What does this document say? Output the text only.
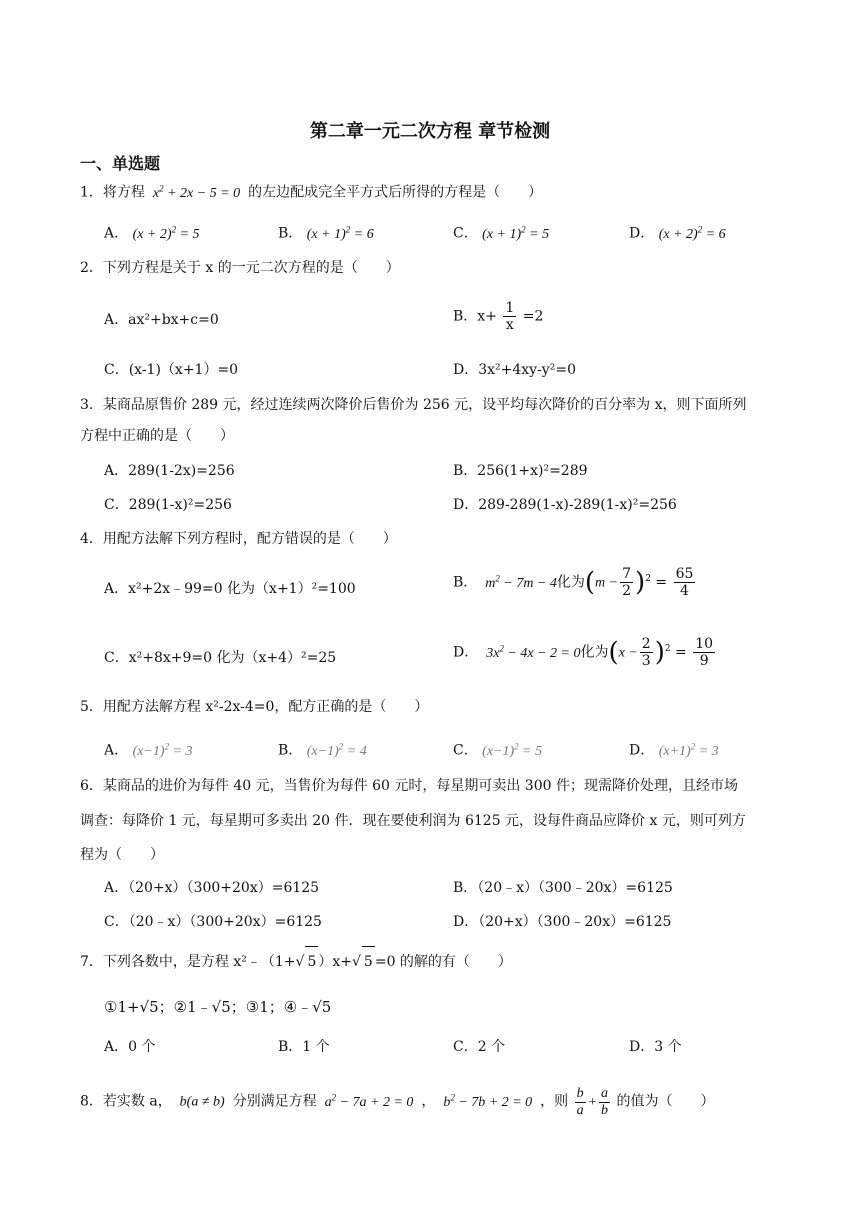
第二章一元二次方程 章节检测
一、单选题
1．将方程  $x^2 + 2x - 5 = 0$  的左边配成完全平方式后所得的方程是（　　）
A． $(x + 2)^2 = 5$	B． $(x + 1)^2 = 6$	C． $(x + 1)^2 = 5$	D． $(x + 2)^2 = 6$
2．下列方程是关于 x 的一元二次方程的是（　　）
A．ax²+bx+c=0	B．$x+ \frac{1}{x} =2$
C．(x-1)（x+1）=0	D．3x²+4xy-y²=0
3．某商品原售价 289 元，经过连续两次降价后售价为 256 元，设平均每次降价的百分率为 x，则下面所列
方程中正确的是（　　）
A．289(1-2x)=256	B．256(1+x)²=289
C．289(1-x)²=256	D．289-289(1-x)-289(1-x)²=256
4．用配方法解下列方程时，配方错误的是（　　）
A．x²+2x﹣99=0 化为（x+1）²=100	B．  $m^2 - 7m - 4$化为$(m - \frac{7}{2} )^2 = \frac{65}{4}$
C．x²+8x+9=0 化为（x+4）²=25	D．  $3x^2 - 4x - 2 = 0$化为$(x - \frac{2}{3} )^2 = \frac{10}{9}$
5．用配方法解方程 x²-2x-4=0，配方正确的是（　　）
A． $(x-1)^2 = 3$	B． $(x-1)^2 = 4$	C． $(x-1)^2 = 5$	D． $(x+1)^2 = 3$
6．某商品的进价为每件 40 元，当售价为每件 60 元时，每星期可卖出 300 件；现需降价处理，且经市场
调查：每降价 1 元，每星期可多卖出 20 件．现在要使利润为 6125 元，设每件商品应降价 x 元，则可列方
程为（　　）
A．（20+x）（300+20x）=6125	B．（20﹣x）（300﹣20x）=6125
C．（20﹣x）（300+20x）=6125	D．（20+x）（300﹣20x）=6125
7．下列各数中，是方程 x²﹣（1+√ 5 ）x+√ 5 =0 的解的有（　　）
①1+√5；②1﹣√5；③1；④﹣√5
A．0 个	B．1 个	C．2 个	D．3 个
8．若实数 a，  b(a ≠ b)  分别满足方程  $a^2 - 7a + 2 = 0$  ，  $b^2 - 7b + 2 = 0$  ，则 $\frac{b}{a} + \frac{a}{b}$ 的值为（　　）
